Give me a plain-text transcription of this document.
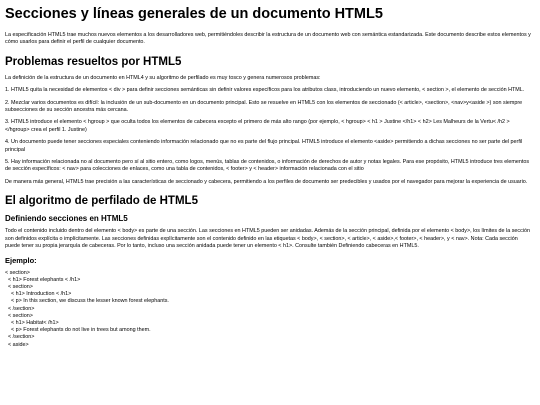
Secciones y líneas generales de un documento HTML5

La especificación HTML5 trae muchos nuevos elementos a los desarrolladores web, permitiéndoles describir la estructura de un documento web con semántica estandarizada. Este documento describe estos elementos y cómo usarlos para definir el perfil de cualquier documento.

Problemas resueltos por HTML5

La definición de la estructura de un documento en HTML4 y su algoritmo de perfilado es muy tosco y genera numerosos problemas:

1. HTML5 quita la necesidad de elementos < div > para definir secciones semánticas sin definir valores específicos para los atributos class, introduciendo un nuevo elemento, < section >, el elemento de sección HTML.

2. Mezclar varios documentos es difícil: la inclusión de un sub-documento en un documento principal. Esto se resuelve en HTML5 con los elementos de seccionado (< article>, <section>, <nav>y<aside >) son siempre subsecciones de su sección ancestra más cercana.

3. HTML5 introduce el elemento < hgroup > que oculta todos los elementos de cabecera excepto el primero de más alto rango (por ejemplo, < hgroup> < h1 > Justine </h1> < h2> Les Malheurs de la Vertu< /h2 > </hgroup> crea el perfil 1. Justine)

4. Un documento puede tener secciones especiales conteniendo información relacionado que no es parte del flujo principal. HTML5 introduce el elemento <aside> permitiendo a dichas secciones no ser parte del perfil principal

5. Hay información relacionada no al documento pero sí al sitio entero, como logos, menús, tablas de contenidos, o información de derechos de autor y notas legales. Para ese propósito, HTML5 introduce tres elementos de sección específicos: < nav> para colecciones de enlaces, como una tabla de contenidos, < footer> y < header> información relacionada con el sitio

De manera más general, HTML5 trae precisión a las características de seccionado y cabecera, permitiendo a los perfiles de documento ser predecibles y usados por el navegador para mejorar la experiencia de usuario.

El algoritmo de perfilado de HTML5
Definiendo secciones en HTML5

Todo el contenido incluido dentro del elemento < body> es parte de una sección. Las secciones en HTML5 pueden ser anidadas. Además de la sección principal, definida por el elemento < body>, los límites de la sección son definidos explícita o implícitamente. Las secciones definidas explícitamente son el contenido definido en las etiquetas < body>, < section>, < article>, < aside>,< footer>, < header>, y < nav>. Nota: Cada sección puede tener su propia jerarquía de cabeceras. Por lo tanto, incluso una sección anidada puede tener un elemento < h1>. Consulte también Definiendo cabeceras en HTML5.

Ejemplo:
< section>
< h1> Forest elephants < /h1>
< section>
< h1> Introduction < /h1>
< p> In this section, we discuss the lesser known forest elephants.
< /section>
< section>
< h1> Habitat< /h1>
< p> Forest elephants do not live in trees but among them.
< /section>
< aside>
